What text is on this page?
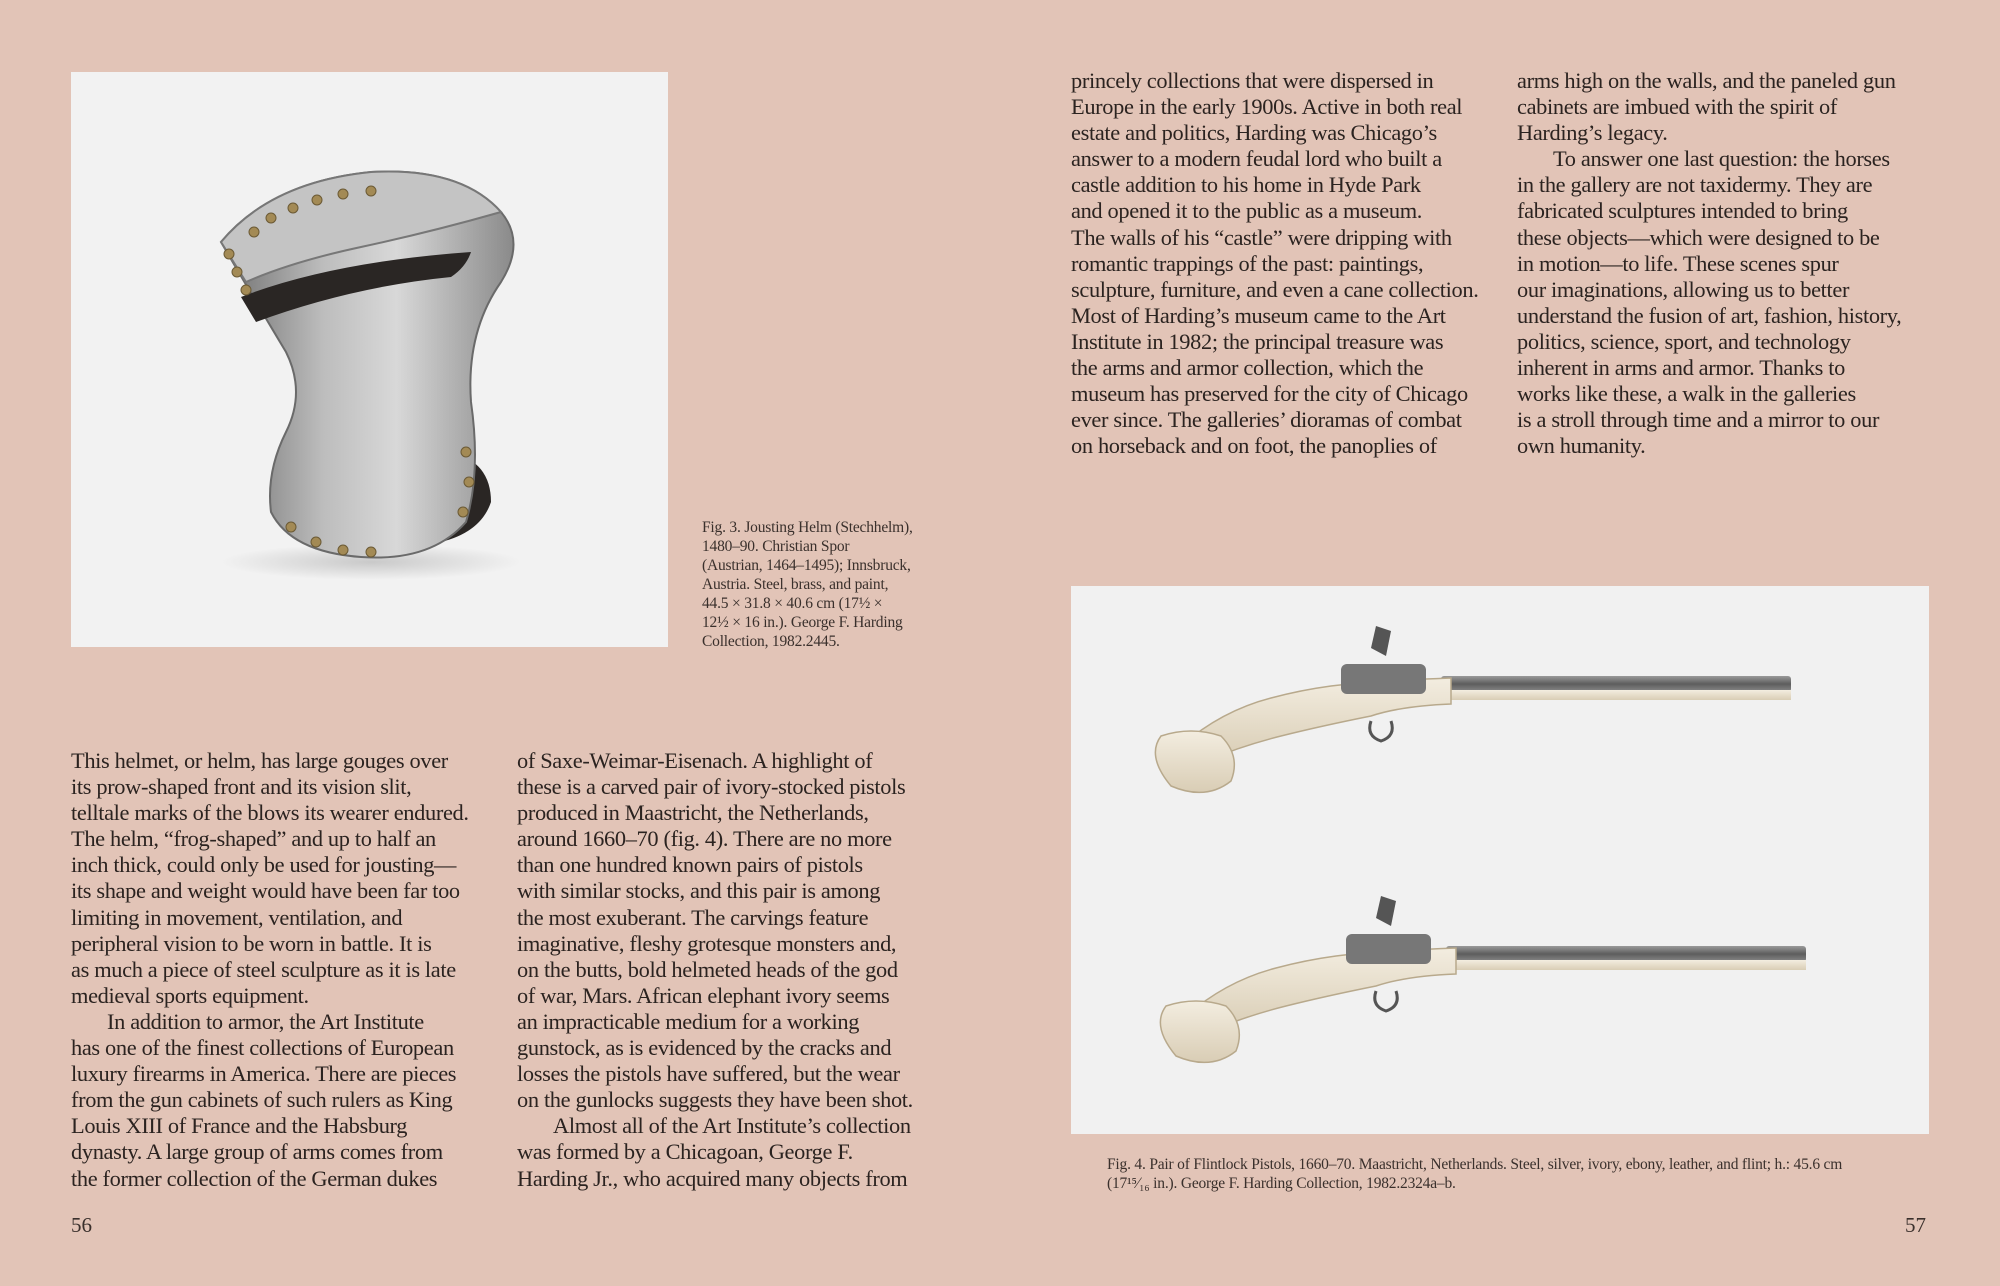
Fig. 3. Jousting Helm (Stechhelm),

1480–90. Christian Spor

(Austrian, 1464–1495); Innsbruck,

Austria. Steel, brass, and paint,

44.5 × 31.8 × 40.6 cm (17½ ×

12½ × 16 in.). George F. Harding

Collection, 1982.2445.

This helmet, or helm, has large gouges over

its prow-shaped front and its vision slit,

telltale marks of the blows its wearer endured.

The helm, “frog-shaped” and up to half an

inch thick, could only be used for jousting—

its shape and weight would have been far too

limiting in movement, ventilation, and

peripheral vision to be worn in battle. It is

as much a piece of steel sculpture as it is late

medieval sports equipment.

In addition to armor, the Art Institute

has one of the finest collections of European

luxury firearms in America. There are pieces

from the gun cabinets of such rulers as King

Louis XIII of France and the Habsburg

dynasty. A large group of arms comes from

the former collection of the German dukes

of Saxe-Weimar-Eisenach. A highlight of

these is a carved pair of ivory-stocked pistols

produced in Maastricht, the Netherlands,

around 1660–70 (fig. 4). There are no more

than one hundred known pairs of pistols

with similar stocks, and this pair is among

the most exuberant. The carvings feature

imaginative, fleshy grotesque monsters and,

on the butts, bold helmeted heads of the god

of war, Mars. African elephant ivory seems

an impracticable medium for a working

gunstock, as is evidenced by the cracks and

losses the pistols have suffered, but the wear

on the gunlocks suggests they have been shot.

Almost all of the Art Institute’s collection

was formed by a Chicagoan, George F.

Harding Jr., who acquired many objects from

56

princely collections that were dispersed in

Europe in the early 1900s. Active in both real

estate and politics, Harding was Chicago’s

answer to a modern feudal lord who built a

castle addition to his home in Hyde Park

and opened it to the public as a museum.

The walls of his “castle” were dripping with

romantic trappings of the past: paintings,

sculpture, furniture, and even a cane collection.

Most of Harding’s museum came to the Art

Institute in 1982; the principal treasure was

the arms and armor collection, which the

museum has preserved for the city of Chicago

ever since. The galleries’ dioramas of combat

on horseback and on foot, the panoplies of

arms high on the walls, and the paneled gun

cabinets are imbued with the spirit of

Harding’s legacy.

To answer one last question: the horses

in the gallery are not taxidermy. They are

fabricated sculptures intended to bring

these objects—which were designed to be

in motion—to life. These scenes spur

our imaginations, allowing us to better

understand the fusion of art, fashion, history,

politics, science, sport, and technology

inherent in arms and armor. Thanks to

works like these, a walk in the galleries

is a stroll through time and a mirror to our

own humanity.

Fig. 4. Pair of Flintlock Pistols, 1660–70. Maastricht, Netherlands. Steel, silver, ivory, ebony, leather, and flint; h.: 45.6 cm

(17¹⁵⁄₁₆ in.). George F. Harding Collection, 1982.2324a–b.

57
